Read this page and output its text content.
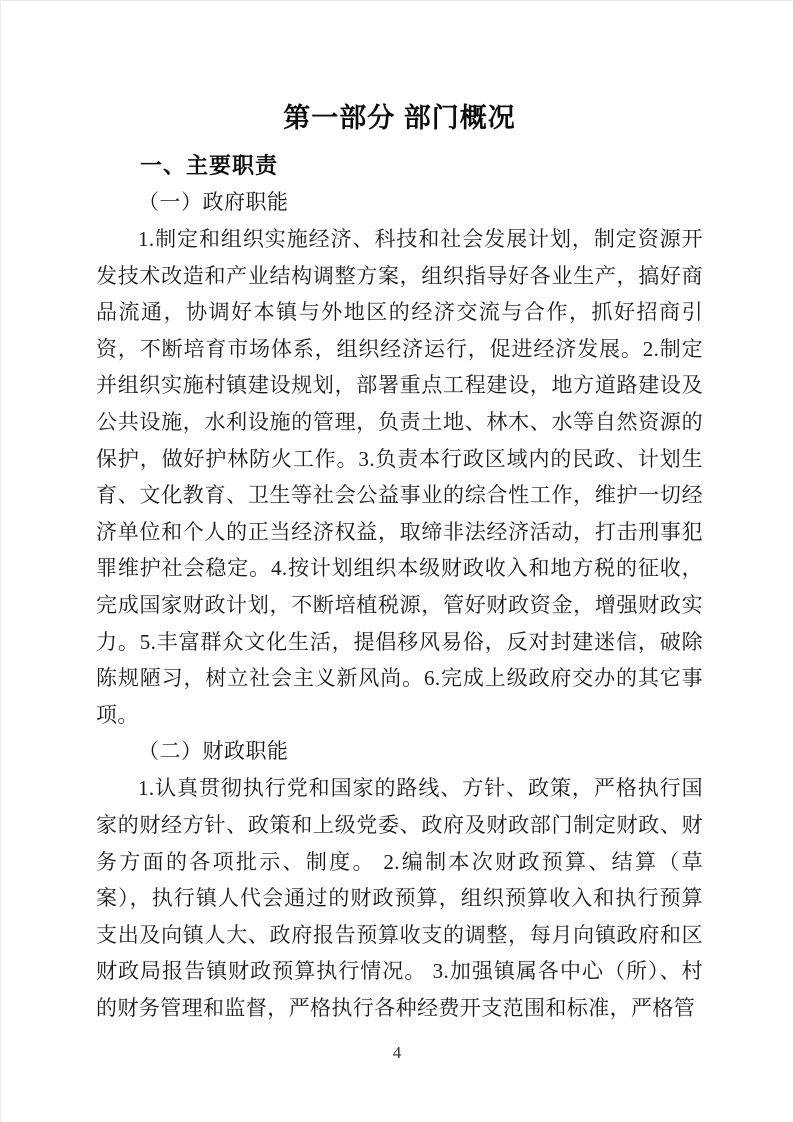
第一部分 部门概况
一、主要职责
（一）政府职能

1.制定和组织实施经济、科技和社会发展计划，制定资源开发技术改造和产业结构调整方案，组织指导好各业生产，搞好商品流通，协调好本镇与外地区的经济交流与合作，抓好招商引资，不断培育市场体系，组织经济运行，促进经济发展。2.制定并组织实施村镇建设规划，部署重点工程建设，地方道路建设及公共设施，水利设施的管理，负责土地、林木、水等自然资源的保护，做好护林防火工作。3.负责本行政区域内的民政、计划生育、文化教育、卫生等社会公益事业的综合性工作，维护一切经济单位和个人的正当经济权益，取缔非法经济活动，打击刑事犯罪维护社会稳定。4.按计划组织本级财政收入和地方税的征收，完成国家财政计划，不断培植税源，管好财政资金，增强财政实力。5.丰富群众文化生活，提倡移风易俗，反对封建迷信，破除陈规陋习，树立社会主义新风尚。6.完成上级政府交办的其它事项。

（二）财政职能

1.认真贯彻执行党和国家的路线、方针、政策，严格执行国家的财经方针、政策和上级党委、政府及财政部门制定财政、财务方面的各项批示、制度。 2.编制本次财政预算、结算（草案），执行镇人代会通过的财政预算，组织预算收入和执行预算支出及向镇人大、政府报告预算收支的调整，每月向镇政府和区财政局报告镇财政预算执行情况。 3.加强镇属各中心（所）、村的财务管理和监督，严格执行各种经费开支范围和标准，严格管

4
